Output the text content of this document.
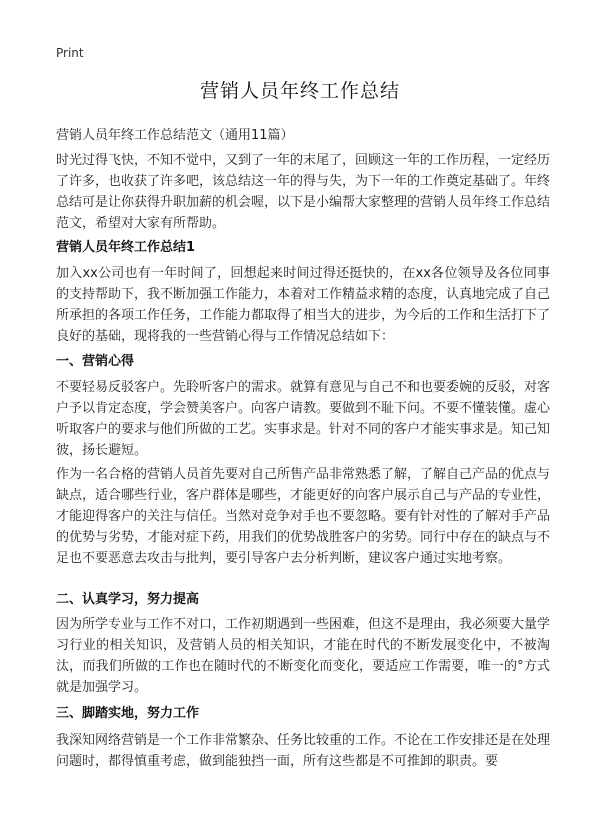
Print
营销人员年终工作总结
营销人员年终工作总结范文（通用11篇）
时光过得飞快，不知不觉中，又到了一年的末尾了，回顾这一年的工作历程，一定经历了许多，也收获了许多吧，该总结这一年的得与失，为下一年的工作奠定基础了。年终总结可是让你获得升职加薪的机会喔，以下是小编帮大家整理的营销人员年终工作总结范文，希望对大家有所帮助。
营销人员年终工作总结1
加入xx公司也有一年时间了，回想起来时间过得还挺快的，在xx各位领导及各位同事的支持帮助下，我不断加强工作能力，本着对工作精益求精的态度，认真地完成了自己所承担的各项工作任务，工作能力都取得了相当大的进步，为今后的工作和生活打下了良好的基础，现将我的一些营销心得与工作情况总结如下：
一、营销心得
不要轻易反驳客户。先聆听客户的需求。就算有意见与自己不和也要委婉的反驳，对客户予以肯定态度，学会赞美客户。向客户请教。要做到不耻下问。不要不懂装懂。虚心听取客户的要求与他们所做的工艺。实事求是。针对不同的客户才能实事求是。知己知彼，扬长避短。
作为一名合格的营销人员首先要对自己所售产品非常熟悉了解，了解自己产品的优点与缺点，适合哪些行业，客户群体是哪些，才能更好的向客户展示自己与产品的专业性，才能迎得客户的关注与信任。当然对竞争对手也不要忽略。要有针对性的了解对手产品的优势与劣势，才能对症下药，用我们的优势战胜客户的劣势。同行中存在的缺点与不足也不要恶意去攻击与批判，要引导客户去分析判断，建议客户通过实地考察。
二、认真学习，努力提高
因为所学专业与工作不对口，工作初期遇到一些困难，但这不是理由，我必须要大量学习行业的相关知识，及营销人员的相关知识，才能在时代的不断发展变化中，不被淘汰，而我们所做的工作也在随时代的不断变化而变化，要适应工作需要，唯一的°方式就是加强学习。
三、脚踏实地，努力工作
我深知网络营销是一个工作非常繁杂、任务比较重的工作。不论在工作安排还是在处理问题时，都得慎重考虑，做到能独挡一面，所有这些都是不可推卸的职责。要
